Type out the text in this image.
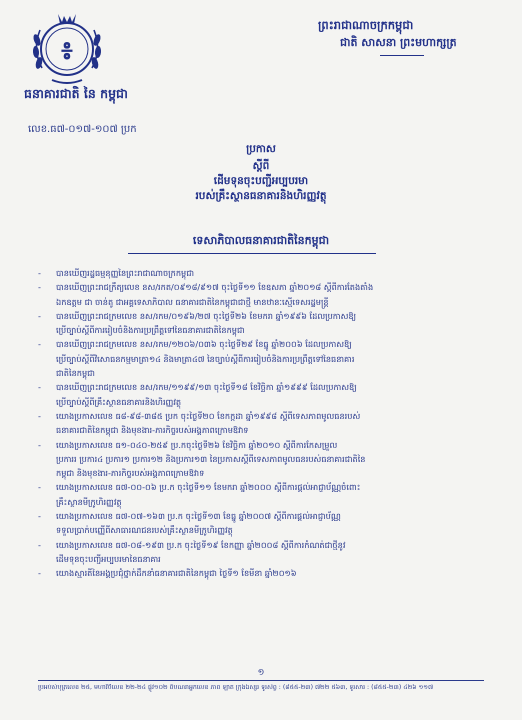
៖
ធនាគារជាតិ នៃ កម្ពុជា
លេខ.ធ៧-០១៧-១០៧ ប្រក
ព្រះរាជាណាចក្រកម្ពុជា
ជាតិ សាសនា ព្រះមហាក្សត្រ
ប្រកាស
ស្តីពី
ដើមទុនចុះបញ្ជីអប្បបរមា
របស់គ្រឹះស្ថានធនាគារនិងហិរញ្ញវត្ថុ
ទេសាភិបាលធនាគារជាតិនៃកម្ពុជា
- បានឃើញរដ្ឋធម្មនុញ្ញនៃព្រះរាជាណាចក្រកម្ពុជា
- បានឃើញព្រះរាជក្រឹត្យលេខ នស/រកត/០៩១៨/៩១៧ ចុះថ្ងៃទី១១ ខែឧសភា ឆ្នាំ២០១៨ ស្តីពីការតែងតាំង
ឯកឧត្តម ជា ចាន់តូ ជាអគ្គទេសាភិបាល ធនាគារជាតិនៃកម្ពុជាជាថ្មី មានឋានៈស្មើទេសរដ្ឋមន្ត្រី
- បានឃើញព្រះរាជក្រមលេខ នស/រកម/០១៩៦/២៧ ចុះថ្ងៃទី២៦ ខែមករា ឆ្នាំ១៩៩៦ ដែលប្រកាសឱ្យ
ប្រើច្បាប់ស្តីពីការរៀបចំនិងការប្រព្រឹត្តទៅនៃធនាគារជាតិនៃកម្ពុជា
- បានឃើញព្រះរាជក្រមលេខ នស/រកម/១២០៦/០៣៦ ចុះថ្ងៃទី២៩ ខែធ្នូ ឆ្នាំ២០០៦ ដែលប្រកាសឱ្យ
ប្រើច្បាប់ស្តីពីវិសោធនកម្មមាត្រា១៤ និងមាត្រា៤៧ នៃច្បាប់ស្តីពីការរៀបចំនិងការប្រព្រឹត្តទៅនៃធនាគារ
ជាតិនៃកម្ពុជា
- បានឃើញព្រះរាជក្រមលេខ នស/រកម/១១៩៩/១៣ ចុះថ្ងៃទី១៨ ខែវិច្ឆិកា ឆ្នាំ១៩៩៩ ដែលប្រកាសឱ្យ
ប្រើច្បាប់ស្តីពីគ្រឹះស្ថានធនាគារនិងហិរញ្ញវត្ថុ
- យោងប្រកាសលេខ ធ៨-៩៨-៣៨៥ ប្រក ចុះថ្ងៃទី២០ ខែកក្កដា ឆ្នាំ១៩៩៨ ស្តីពីទេសភាពមូលធនរបស់
ធនាគារជាតិនៃកម្ពុជា និងមុខងារ-ភារកិច្ចរបស់អង្គភាពក្រោមឱវាទ
- យោងប្រកាសលេខ ធ១-០៤០-២៥៩ ប្រ.កចុះថ្ងៃទី២៦ ខែវិច្ឆិកា ឆ្នាំ២០១០ ស្តីពីការកែសម្រួល
ប្រការរ ប្រការ៤ ប្រការ១ ប្រការ១២ និងប្រការ១៣ នៃប្រកាសស្តីពីទេសភាពមូលធនរបស់ធនាគារជាតិនៃ
កម្ពុជា និងមុខងារ-ភារកិច្ចរបស់អង្គភាពក្រោមឱវាទ
- យោងប្រកាសលេខ ធ៧-០០-០៦ ប្រ.ក ចុះថ្ងៃទី១១ ខែមករា ឆ្នាំ២០០០ ស្តីពីការផ្តល់អាជ្ញាប័ណ្ណចំពោះ
គ្រឹះស្ថានមីក្រូហិរញ្ញវត្ថុ
- យោងប្រកាសលេខ ធ៧-០៧-១៦៣ ប្រ.ក ចុះថ្ងៃទី១៣ ខែធ្នូ ឆ្នាំ២០០៧ ស្តីពីការផ្តល់អាជ្ញាប័ណ្ណ
ទទួលប្រាក់បញ្ញើពីសាធារណជនរបស់គ្រឹះស្ថានមីក្រូហិរញ្ញវត្ថុ
- យោងប្រកាសលេខ ធ៧-០៨-១៩៣ ប្រ.ក ចុះថ្ងៃទី១៩ ខែកញ្ញា ឆ្នាំ២០០៨ ស្តីពីការកំណត់ជាថ្មីនូវ
ដើមទុនចុះបញ្ជីអប្បបរមានៃធនាគារ
- យោងស្មារតីនៃអង្គប្រជុំថ្នាក់ដឹកនាំធនាគារជាតិនៃកម្ពុជា ថ្ងៃទី១ ខែមីនា ឆ្នាំ២០១៦
១
ប្រអប់សំបុត្រលេខ ២៥, មហាវិថីលេខ ២២-២៤ ផ្លូវ១០២ ពិបណរាអ្នកលេខ ភាព ឡាត ក្រុងឯស្សរ ទូរស័ព្ទ : (៨៥៥-២៣) ៧២២ ៥៦៣, ទូរសារ : (៨៥៥-២៣) ៤២៦ ១១៧
